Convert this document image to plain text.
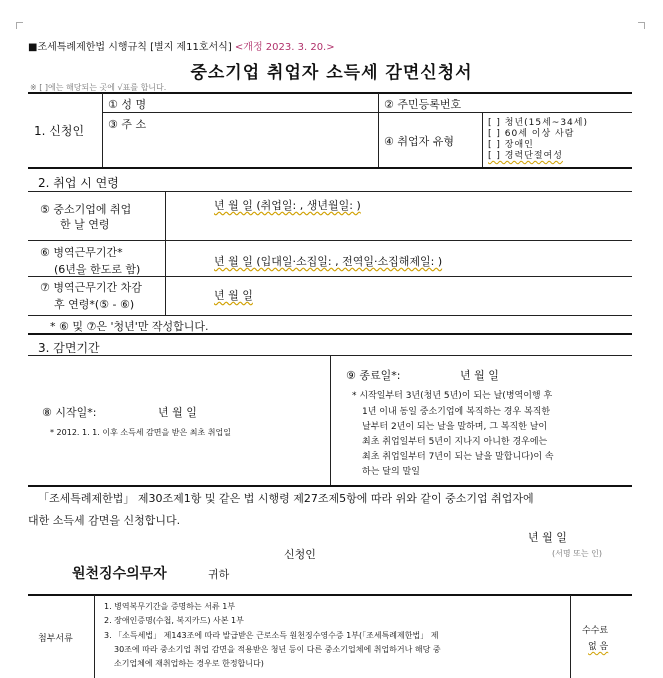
■조세특례제한법 시행규칙 [별지 제11호서식] <개정 2023. 3. 20.>
중소기업 취업자 소득세 감면신청서
※ [ ]에는 해당되는 곳에 √표를 합니다.
1. 신청인
① 성 명	② 주민등록번호
③ 주 소
④ 취업자 유형
[ ] 청년(15세~34세)
[ ] 60세 이상 사람
[ ] 장애인
[ ] 경력단절여성
2. 취업 시 연령
⑤ 중소기업에 취업
한 날 연령
년 월 일 (취업일: , 생년월일: )
⑥ 병역근무기간*
(6년을 한도로 함)
년 월 일 (입대일·소집일: , 전역일·소집해제일: )
⑦ 병역근무기간 차감
후 연령*(⑤ - ⑥)
년 월 일
* ⑥ 및 ⑦은 '청년'만 작성합니다.
3. 감면기간
⑧ 시작일*:	년 월 일
* 2012. 1. 1. 이후 소득세 감면을 받은 최초 취업일
⑨ 종료일*:	년 월 일
* 시작일부터 3년(청년 5년)이 되는 날(병역이행 후
1년 이내 동일 중소기업에 복직하는 경우 복직한
날부터 2년이 되는 날을 말하며, 그 복직한 날이
최초 취업일부터 5년이 지나지 아니한 경우에는
최초 취업일부터 7년이 되는 날을 말합니다)이 속
하는 달의 말일
「조세특례제한법」 제30조제1항 및 같은 법 시행령 제27조제5항에 따라 위와 같이 중소기업 취업자에
대한 소득세 감면을 신청합니다.
년 월 일
신청인	(서명 또는 인)
원천징수의무자	귀하
첨부서류
1. 병역복무기간을 증명하는 서류 1부
2. 장애인증명(수첩, 복지카드) 사본 1부
3. 「소득세법」 제143조에 따라 발급받은 근로소득 원천징수영수증 1부(「조세특례제한법」 제
30조에 따라 중소기업 취업 감면을 적용받은 청년 등이 다른 중소기업체에 취업하거나 해당 중
소기업체에 재취업하는 경우로 한정합니다)
수수료
없 음
